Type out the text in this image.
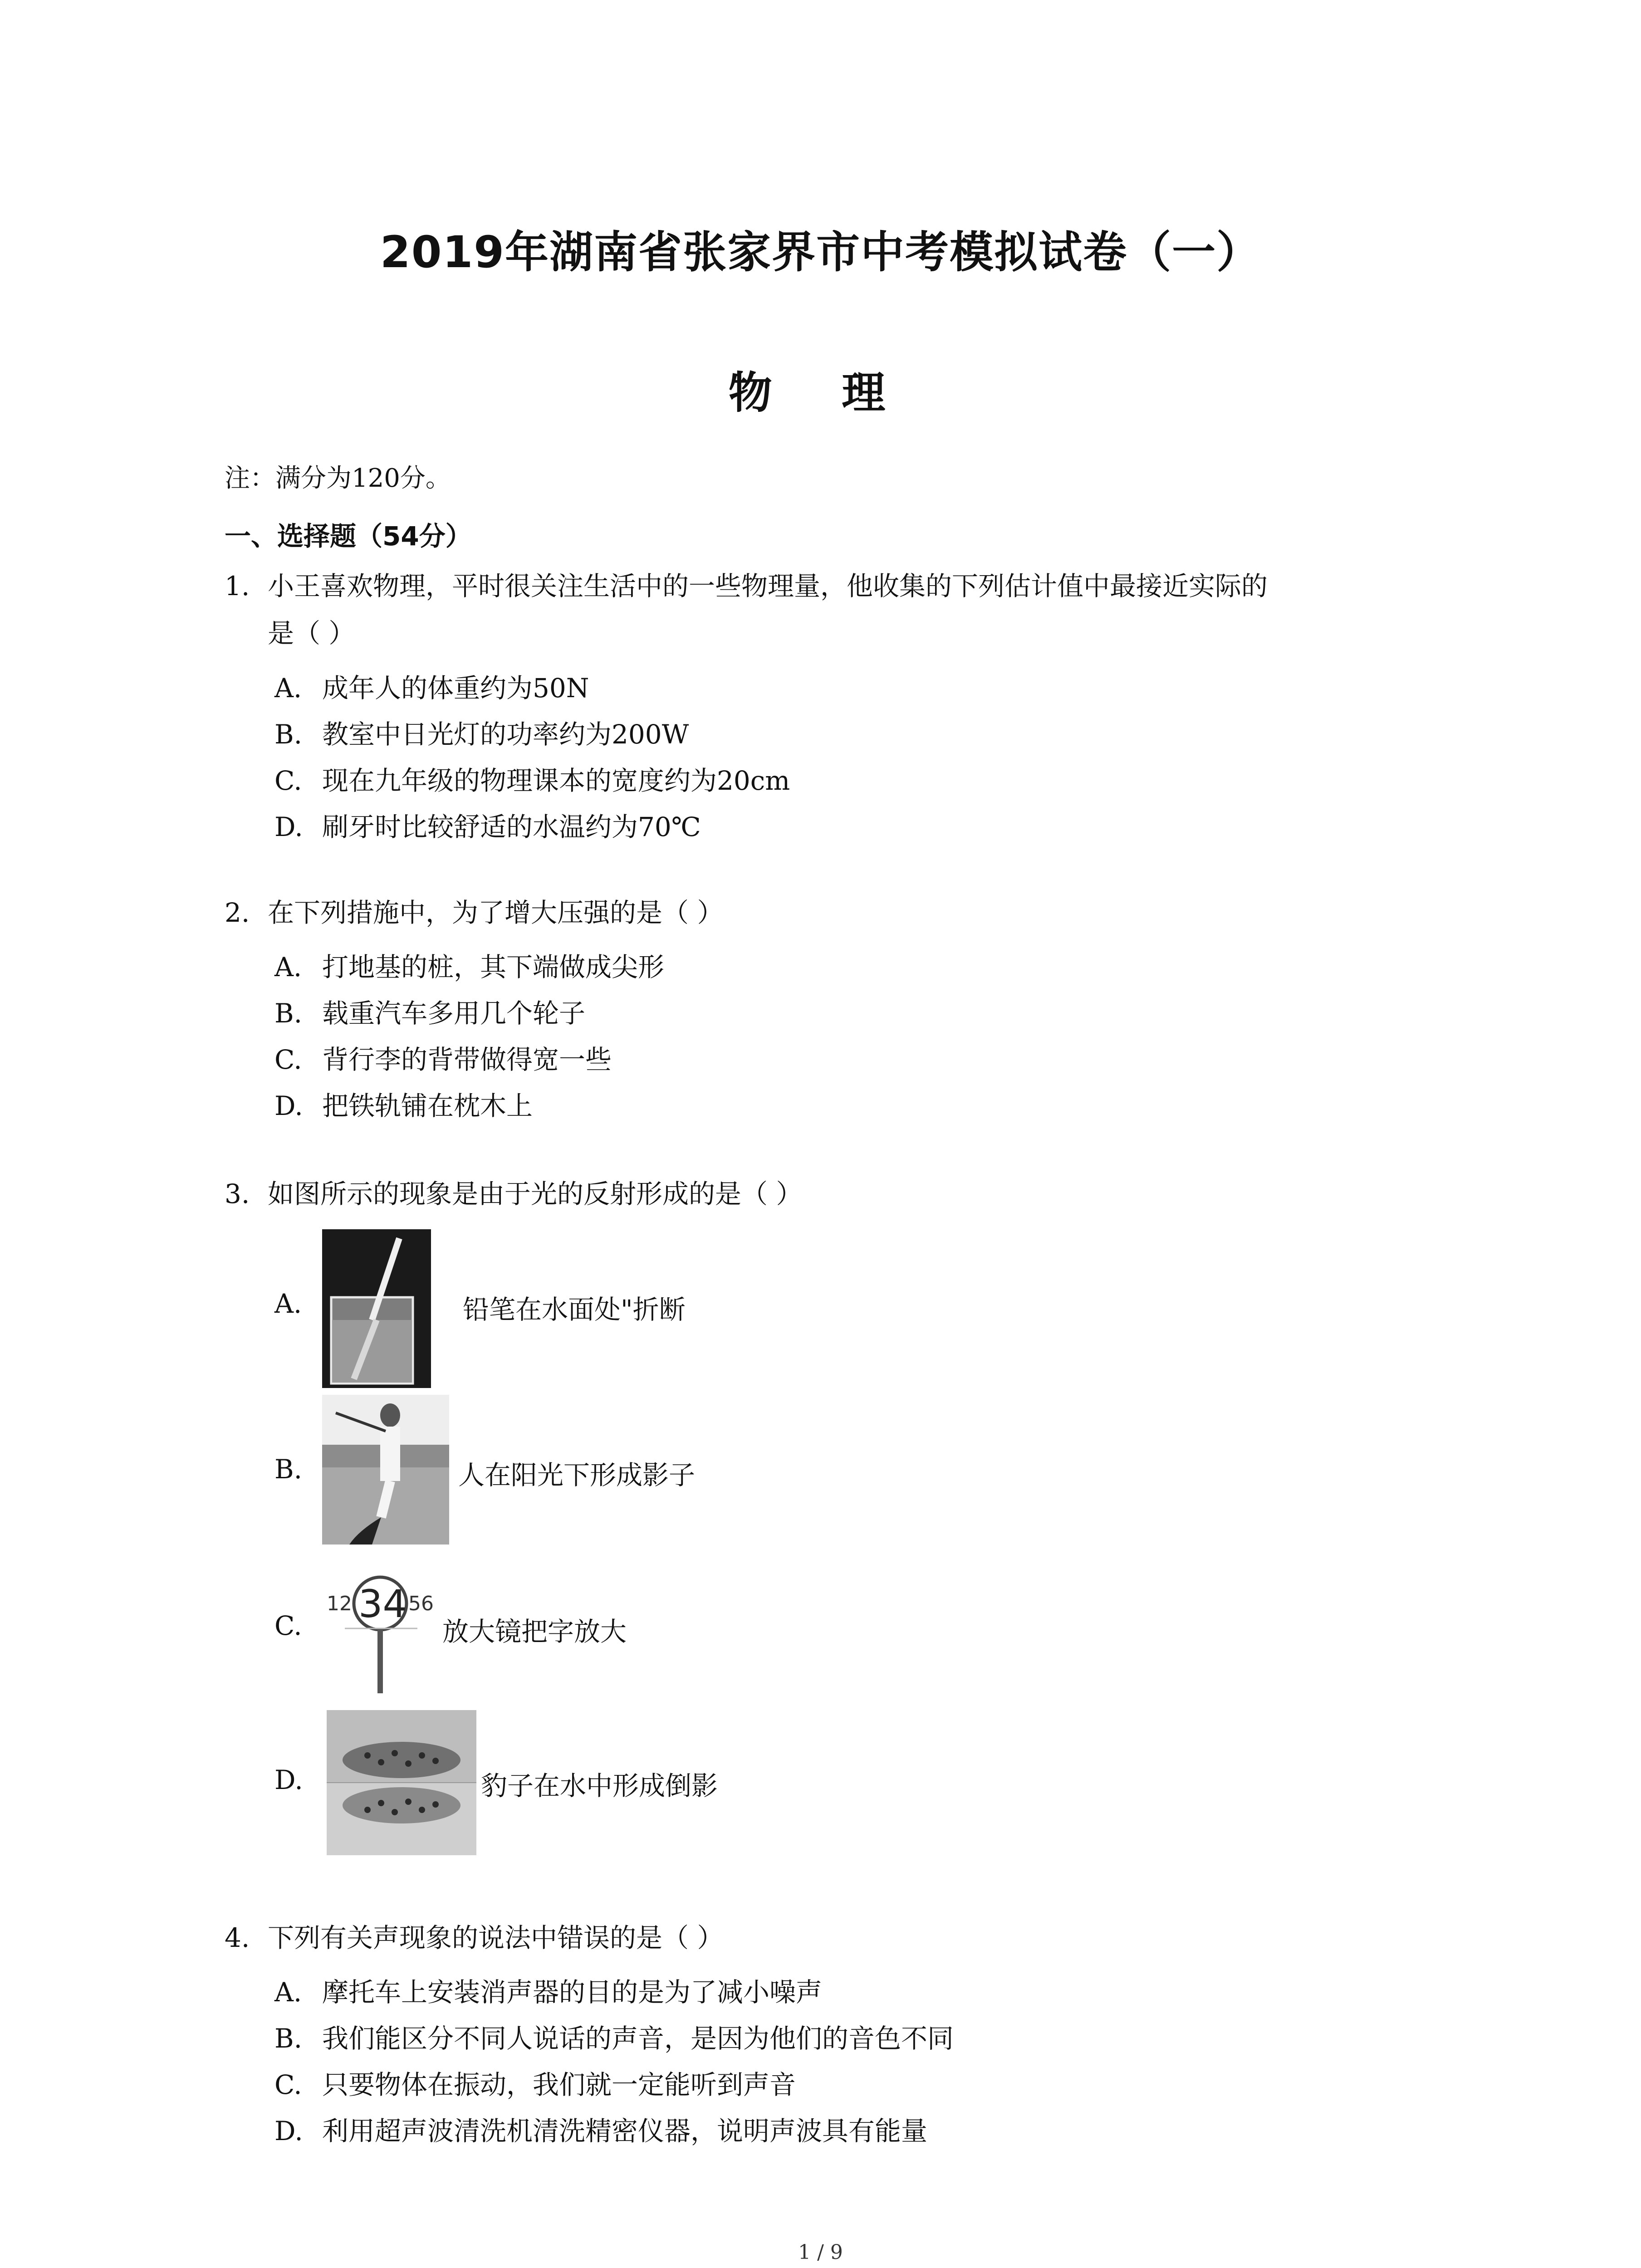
2019年湖南省张家界市中考模拟试卷（一）
物 理
注：满分为120分。
一、选择题（54分）
1. 小王喜欢物理，平时很关注生活中的一些物理量，他收集的下列估计值中最接近实际的
是（ ）
A. 成年人的体重约为50N
B. 教室中日光灯的功率约为200W
C. 现在九年级的物理课本的宽度约为20cm
D. 刷牙时比较舒适的水温约为70℃
2. 在下列措施中，为了增大压强的是（ ）
A. 打地基的桩，其下端做成尖形
B. 载重汽车多用几个轮子
C. 背行李的背带做得宽一些
D. 把铁轨铺在枕木上
3. 如图所示的现象是由于光的反射形成的是（ ）
A.	铅笔在水面处"折断
B.	人在阳光下形成影子
C.
12 34 56
放大镜把字放大
D.	豹子在水中形成倒影
4. 下列有关声现象的说法中错误的是（ ）
A. 摩托车上安装消声器的目的是为了减小噪声
B. 我们能区分不同人说话的声音，是因为他们的音色不同
C. 只要物体在振动，我们就一定能听到声音
D. 利用超声波清洗机清洗精密仪器，说明声波具有能量
1 / 9
